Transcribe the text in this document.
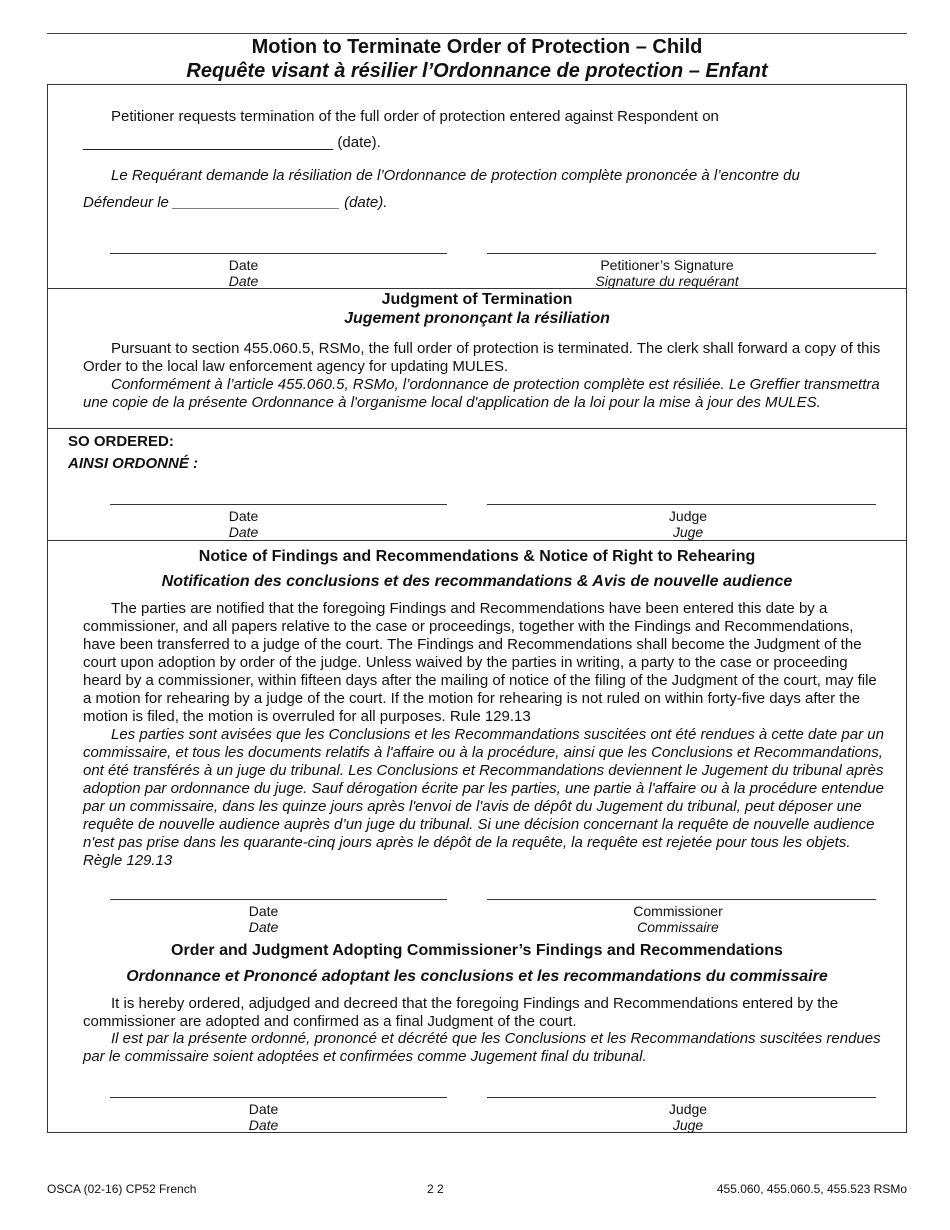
Motion to Terminate Order of Protection – Child
Requête visant à résilier l’Ordonnance de protection – Enfant
Petitioner requests termination of the full order of protection entered against Respondent on
______________________________ (date).
Le Requérant demande la résiliation de l’Ordonnance de protection complète prononcée à l’encontre du
Défendeur le ____________________ (date).
Date
Date
Petitioner’s Signature
Signature du requérant
Judgment of Termination
Jugement prononçant la résiliation
Pursuant to section 455.060.5, RSMo, the full order of protection is terminated. The clerk shall forward a copy of this Order to the local law enforcement agency for updating MULES.
Conformément à l’article 455.060.5, RSMo, l’ordonnance de protection complète est résiliée. Le Greffier transmettra une copie de la présente Ordonnance à l'organisme local d'application de la loi pour la mise à jour des MULES.
SO ORDERED:
AINSI ORDONNÉ :
Date
Date
Judge
Juge
Notice of Findings and Recommendations & Notice of Right to Rehearing
Notification des conclusions et des recommandations & Avis de nouvelle audience
The parties are notified that the foregoing Findings and Recommendations have been entered this date by a commissioner, and all papers relative to the case or proceedings, together with the Findings and Recommendations, have been transferred to a judge of the court. The Findings and Recommendations shall become the Judgment of the court upon adoption by order of the judge. Unless waived by the parties in writing, a party to the case or proceeding heard by a commissioner, within fifteen days after the mailing of notice of the filing of the Judgment of the court, may file a motion for rehearing by a judge of the court. If the motion for rehearing is not ruled on within forty-five days after the motion is filed, the motion is overruled for all purposes. Rule 129.13
Les parties sont avisées que les Conclusions et les Recommandations suscitées ont été rendues à cette date par un commissaire, et tous les documents relatifs à l'affaire ou à la procédure, ainsi que les Conclusions et Recommandations, ont été transférés à un juge du tribunal. Les Conclusions et Recommandations deviennent le Jugement du tribunal après adoption par ordonnance du juge. Sauf dérogation écrite par les parties, une partie à l'affaire ou à la procédure entendue par un commissaire, dans les quinze jours après l'envoi de l'avis de dépôt du Jugement du tribunal, peut déposer une requête de nouvelle audience auprès d’un juge du tribunal. Si une décision concernant la requête de nouvelle audience n'est pas prise dans les quarante-cinq jours après le dépôt de la requête, la requête est rejetée pour tous les objets. Règle 129.13
Date
Date
Commissioner
Commissaire
Order and Judgment Adopting Commissioner’s Findings and Recommendations
Ordonnance et Prononcé adoptant les conclusions et les recommandations du commissaire
It is hereby ordered, adjudged and decreed that the foregoing Findings and Recommendations entered by the commissioner are adopted and confirmed as a final Judgment of the court.
Il est par la présente ordonné, prononcé et décrété que les Conclusions et les Recommandations suscitées rendues par le commissaire soient adoptées et confirmées comme Jugement final du tribunal.
Date
Date
Judge
Juge
OSCA (02-16) CP52 French	2 2	455.060, 455.060.5, 455.523 RSMo
